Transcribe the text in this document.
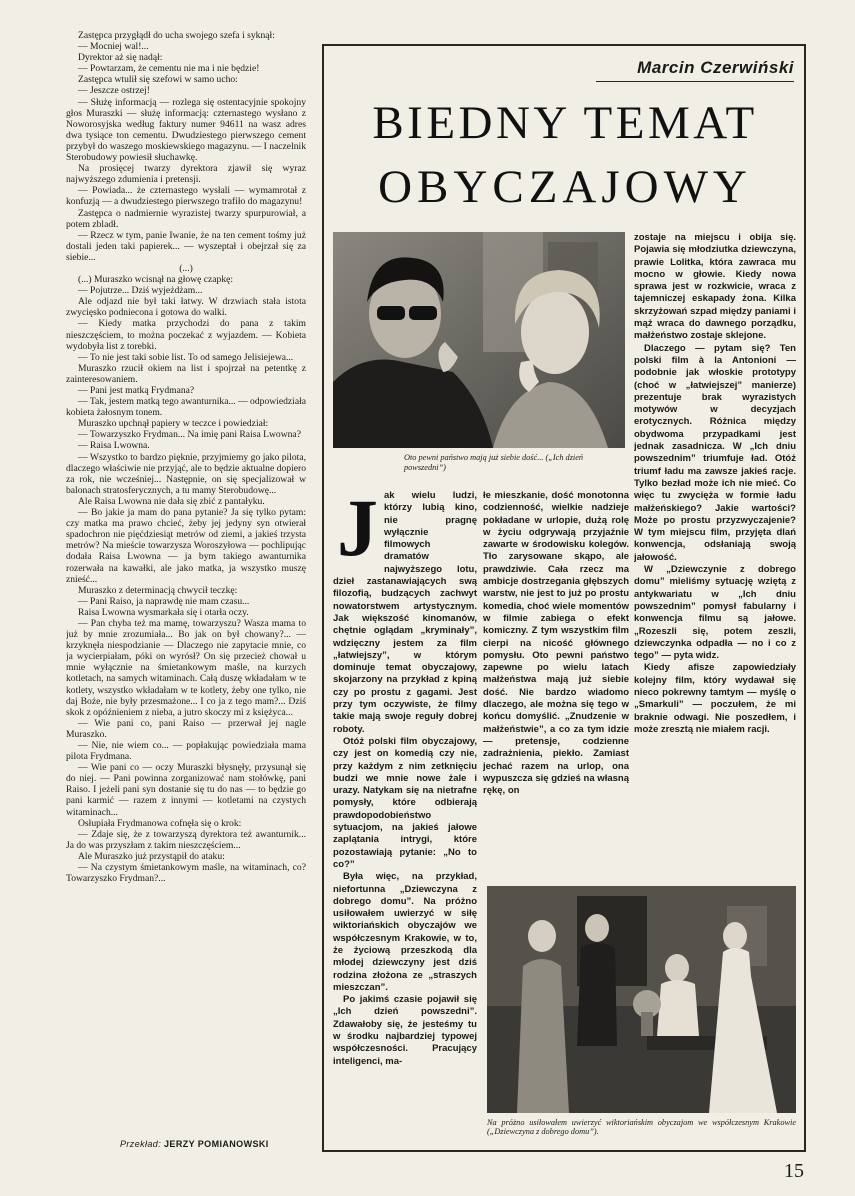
Zastępca przygłądł do ucha swojego szefa i syknął:

— Mocniej wal!...

Dyrektor aż się nadął:

— Powtarzam, że cementu nie ma i nie będzie!

Zastępca wtulił się szefowi w samo ucho:

— Jeszcze ostrzej!

— Służę informacją — rozlega się ostentacyjnie spokojny głos Muraszki — służę informacją: czternastego wysłano z Noworosyjska według faktury numer 94611 na wasz adres dwa tysiące ton cementu. Dwudziestego pierwszego cement przybył do waszego moskiewskiego magazynu. — I naczelnik Sterobudowy powiesił słuchawkę.

Na prosięcej twarzy dyrektora zjawił się wyraz najwyższego zdumienia i pretensji.

— Powiada... że czternastego wysłali — wymamrotał z konfuzją — a dwudziestego pierwszego trafiło do magazynu!

Zastępca o nadmiernie wyrazistej twarzy spurpurowiał, a potem zbladł.

— Rzecz w tym, panie Iwanie, że na ten cement tośmy już dostali jeden taki papierek... — wyszeptał i obejrzał się za siebie...

(...)

(...) Muraszko wcisnął na głowę czapkę:

— Pojutrze... Dziś wyjeżdżam...

Ale odjazd nie był taki łatwy. W drzwiach stała istota zwycięsko podniecona i gotowa do walki.

— Kiedy matka przychodzi do pana z takim nieszczęściem, to można poczekać z wyjazdem. — Kobieta wydobyła list z torebki.

— To nie jest taki sobie list. To od samego Jelisiejewa...

Muraszko rzucił okiem na list i spojrzał na petentkę z zainteresowaniem.

— Pani jest matką Frydmana?

— Tak, jestem matką tego awanturnika... — odpowiedziała kobieta żałosnym tonem.

Muraszko upchnął papiery w teczce i powiedział:

— Towarzyszko Frydman... Na imię pani Raisa Lwowna?

— Raisa Lwowna.

— Wszystko to bardzo pięknie, przyjmiemy go jako pilota, dlaczego właściwie nie przyjąć, ale to będzie aktualne dopiero za rok, nie wcześniej... Następnie, on się specjalizował w balonach stratosferycznych, a tu mamy Sterobudowę...

Ale Raisa Lwowna nie dała się zbić z pantałyku.

— Bo jakie ja mam do pana pytanie? Ja się tylko pytam: czy matka ma prawo chcieć, żeby jej jedyny syn otwierał spadochron nie pięćdziesiąt metrów od ziemi, a jakieś trzysta metrów? Na mieście towarzysza Woroszyłowa — pochlipując dodała Raisa Lwowna — ja bym takiego awanturnika rozerwała na kawałki, ale jako matka, ja wszystko muszę znieść...

Muraszko z determinacją chwycił teczkę:

— Pani Raiso, ja naprawdę nie mam czasu...

Raisa Lwowna wysmarkała się i otarła oczy.

— Pan chyba też ma mamę, towarzyszu? Wasza mama to już by mnie zrozumiała... Bo jak on był chowany?... — krzyknęła niespodzianie — Dlaczego nie zapytacie mnie, co ja wycierpiałam, póki on wyrósł? On się przecież chował u mnie wyłącznie na śmietankowym maśle, na kurzych kotletach, na samych witaminach. Całą duszę wkładałam w te kotlety, wszystko wkładałam w te kotlety, żeby one tylko, nie daj Boże, nie były przesmażone... I co ja z tego mam?... Dziś skok z opóźnieniem z nieba, a jutro skoczy mi z księżyca...

— Wie pani co, pani Raiso — przerwał jej nagle Muraszko.

— Nie, nie wiem co... — popłakując powiedziała mama pilota Frydmana.

— Wie pani co — oczy Muraszki błysnęły, przysunął się do niej. — Pani powinna zorganizować nam stołówkę, pani Raiso. I jeżeli pani syn dostanie się tu do nas — to będzie go pani karmić — razem z innymi — kotletami na czystych witaminach...

Osłupiała Frydmanowa cofnęła się o krok:

— Zdaje się, że z towarzyszą dyrektora też awanturnik... Ja do was przyszłam z takim nieszczęściem...

Ale Muraszko już przystąpił do ataku:

— Na czystym śmietankowym maśle, na witaminach, co? Towarzyszko Frydman?...

Przekład: JERZY POMIANOWSKI
Marcin Czerwiński
BIEDNY TEMAT
OBYCZAJOWY
Oto pewni państwo mają już siebie dość... („Ich dzień powszedni”)

Jak wielu ludzi, którzy lubią kino, nie pragnę wyłącznie filmowych dramatów najwyższego lotu, dzieł zastanawiających swą filozofią, budzących zachwyt nowatorstwem artystycznym. Jak większość kinomanów, chętnie oglądam „kryminały”, wdzięczny jestem za film „łatwiejszy”, w którym dominuje temat obyczajowy, skojarzony na przykład z kpiną czy po prostu z gagami. Jest przy tym oczywiste, że filmy takie mają swoje reguły dobrej roboty.

Otóż polski film obyczajowy, czy jest on komedią czy nie, przy każdym z nim zetknięciu budzi we mnie nowe żale i urazy. Natykam się na nietrafne pomysły, które odbierają prawdopodobieństwo sytuacjom, na jakieś jałowe zaplątania intrygi, które pozostawiają pytanie: „No to co?”

Była więc, na przykład, niefortunna „Dziewczyna z dobrego domu”. Na próżno usiłowałem uwierzyć w siłę wiktoriańskich obyczajów we współczesnym Krakowie, w to, że życiową przeszkodą dla młodej dziewczyny jest dziś rodzina złożona ze „straszych mieszczan”.

Po jakimś czasie pojawił się „Ich dzień powszedni”. Zdawałoby się, że jesteśmy tu w środku najbardziej typowej współczesności. Pracujący inteligenci, ma-

łe mieszkanie, dość monotonna codzienność, wielkie nadzieje pokładane w urlopie, dużą rolę w życiu odgrywają przyjaźnie zawarte w środowisku kolegów. Tło zarysowane skąpo, ale prawdziwie. Cała rzecz ma ambicje dostrzegania głębszych warstw, nie jest to już po prostu komedia, choć wiele momentów w filmie zabiega o efekt komiczny. Z tym wszystkim film cierpi na nicość głównego pomysłu. Oto pewni państwo zapewne po wielu latach małżeństwa mają już siebie dość. Nie bardzo wiadomo dlaczego, ale można się tego w końcu domyślić. „Znudzenie w małżeństwie”, a co za tym idzie — pretensje, codzienne zadrażnienia, piekło. Zamiast jechać razem na urlop, ona wypuszcza się gdzieś na własną rękę, on

zostaje na miejscu i obija się. Pojawia się młodziutka dziewczyna, prawie Lolitka, która zawraca mu mocno w głowie. Kiedy nowa sprawa jest w rozkwicie, wraca z tajemniczej eskapady żona. Kilka skrzyżowań szpad między paniami i mąż wraca do dawnego porządku, małżeństwo zostaje sklejone.

Dlaczego — pytam się? Ten polski film à la Antonioni — podobnie jak włoskie prototypy (choć w „łatwiejszej” manierze) prezentuje brak wyrazistych motywów w decyzjach erotycznych. Różnica między obydwoma przypadkami jest jednak zasadnicza. W „Ich dniu powszednim” triumfuje ład. Otóż triumf ładu ma zawsze jakieś racje. Tylko bezład może ich nie mieć. Co więc tu zwycięża w formie ładu małżeńskiego? Jakie wartości? Może po prostu przyzwyczajenie? W tym miejscu film, przyjęta dlań konwencja, odsłaniają swoją jałowość.

W „Dziewczynie z dobrego domu” mieliśmy sytuację wziętą z antykwariatu w „Ich dniu powszednim” pomysł fabularny i konwencja filmu są jałowe. „Rozeszli się, potem zeszli, dziewczynka odpadła — no i co z tego” — pyta widz.

Kiedy afisze zapowiedziały kolejny film, który wydawał się nieco pokrewny tamtym — myślę o „Smarkuli” — poczułem, że mi braknie odwagi. Nie poszedłem, i może zresztą nie miałem racji.

Na próżno usiłowałem uwierzyć wiktoriańskim obyczajom we współczesnym Krakowie („Dziewczyna z dobrego domu”).
15
